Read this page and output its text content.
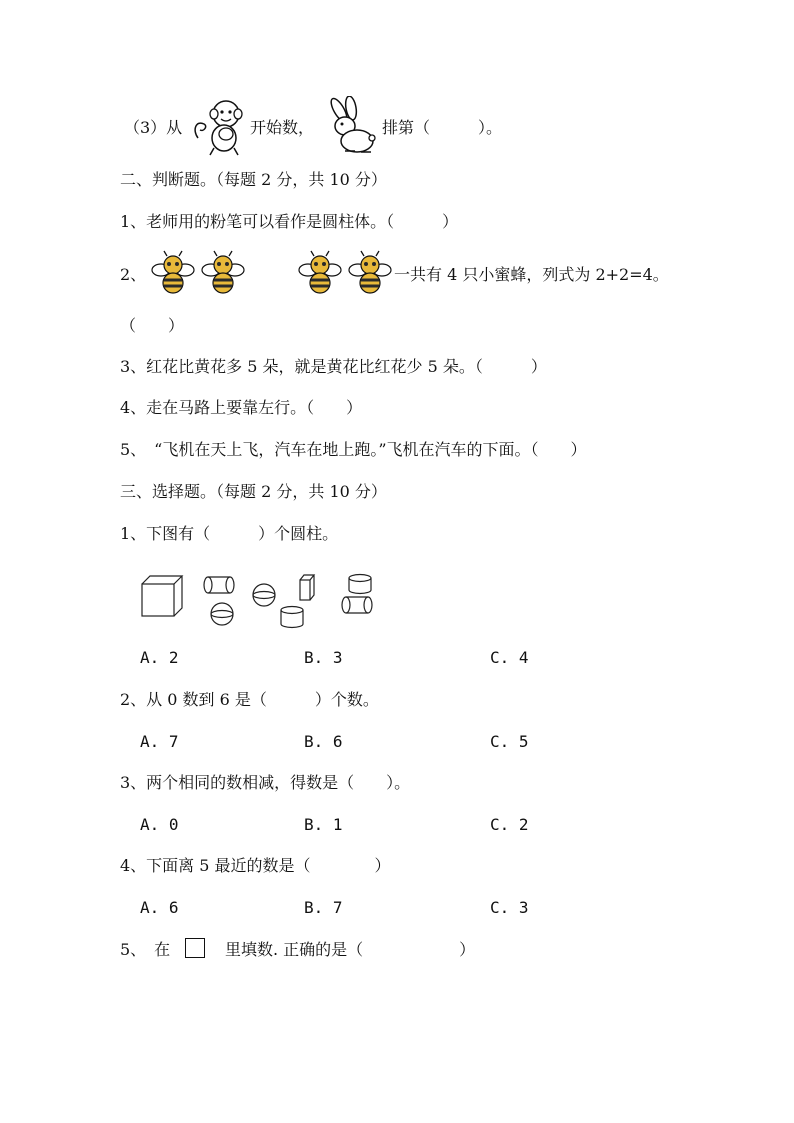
（3）从	开始数，	排第（　　　）。
二、判断题。（每题 2 分，共 10 分）
1、老师用的粉笔可以看作是圆柱体。（　　　）
2、	一共有 4 只小蜜蜂，列式为 2+2=4。
（　　）
3、红花比黄花多 5 朵，就是黄花比红花少 5 朵。（　　　）
4、走在马路上要靠左行。（　　）
5、　“飞机在天上飞，汽车在地上跑。”飞机在汽车的下面。（　　）
三、选择题。（每题 2 分，共 10 分）
1、下图有（　　　）个圆柱。
A. 2	B. 3	C. 4
2、从 0 数到 6 是（　　　）个数。
A. 7	B. 6	C. 5
3、两个相同的数相减，得数是（　　）。
A. 0	B. 1	C. 2
4、下面离 5 最近的数是（　　　　）
A. 6	B. 7	C. 3
5、　在	里填数. 正确的是（　　　　　　）
